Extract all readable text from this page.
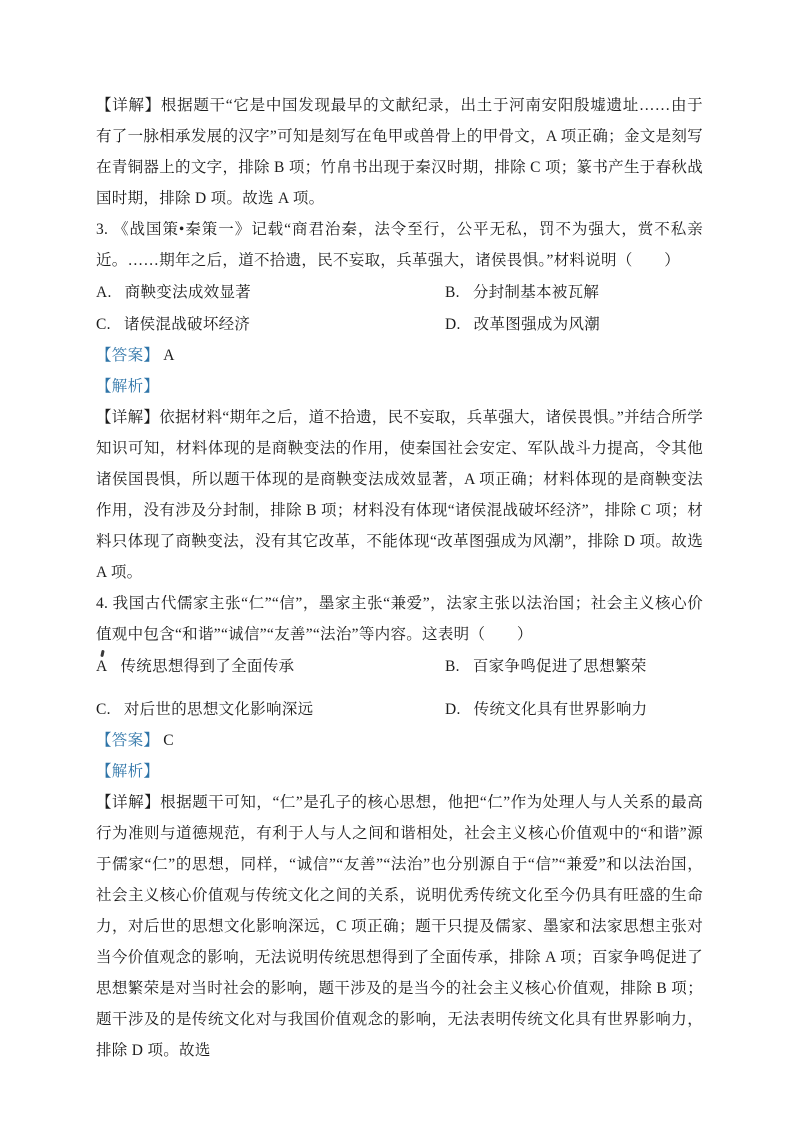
【详解】根据题干“它是中国发现最早的文献纪录，出土于河南安阳殷墟遗址……由于有了一脉相承发展的汉字”可知是刻写在龟甲或兽骨上的甲骨文，A 项正确；金文是刻写在青铜器上的文字，排除 B 项；竹帛书出现于秦汉时期，排除 C 项；篆书产生于春秋战国时期，排除 D 项。故选 A 项。

3. 《战国策•秦策一》记载“商君治秦，法令至行，公平无私，罚不为强大，赏不私亲近。……期年之后，道不拾遗，民不妄取，兵革强大，诸侯畏惧。”材料说明（　　）

A. 商鞅变法成效显著	B. 分封制基本被瓦解
C. 诸侯混战破坏经济	D. 改革图强成为风潮

【答案】 A

【解析】

【详解】依据材料“期年之后，道不拾遗，民不妄取，兵革强大，诸侯畏惧。”并结合所学知识可知，材料体现的是商鞅变法的作用，使秦国社会安定、军队战斗力提高，令其他诸侯国畏惧，所以题干体现的是商鞅变法成效显著，A 项正确；材料体现的是商鞅变法作用，没有涉及分封制，排除 B 项；材料没有体现“诸侯混战破坏经济”，排除 C 项；材料只体现了商鞅变法，没有其它改革，不能体现“改革图强成为风潮”，排除 D 项。故选 A 项。

4. 我国古代儒家主张“仁”“信”，墨家主张“兼爱”，法家主张以法治国；社会主义核心价值观中包含“和谐”“诚信”“友善”“法治”等内容。这表明（　　）

A 传统思想得到了全面传承	B. 百家争鸣促进了思想繁荣
C. 对后世的思想文化影响深远	D. 传统文化具有世界影响力

【答案】 C

【解析】

【详解】根据题干可知，“仁”是孔子的核心思想，他把“仁”作为处理人与人关系的最高行为准则与道德规范，有利于人与人之间和谐相处，社会主义核心价值观中的“和谐”源于儒家“仁”的思想，同样，“诚信”“友善”“法治”也分别源自于“信”“兼爱”和以法治国，社会主义核心价值观与传统文化之间的关系，说明优秀传统文化至今仍具有旺盛的生命力，对后世的思想文化影响深远，C 项正确；题干只提及儒家、墨家和法家思想主张对当今价值观念的影响，无法说明传统思想得到了全面传承，排除 A 项；百家争鸣促进了思想繁荣是对当时社会的影响，题干涉及的是当今的社会主义核心价值观，排除 B 项；题干涉及的是传统文化对与我国价值观念的影响，无法表明传统文化具有世界影响力，排除 D 项。故选
